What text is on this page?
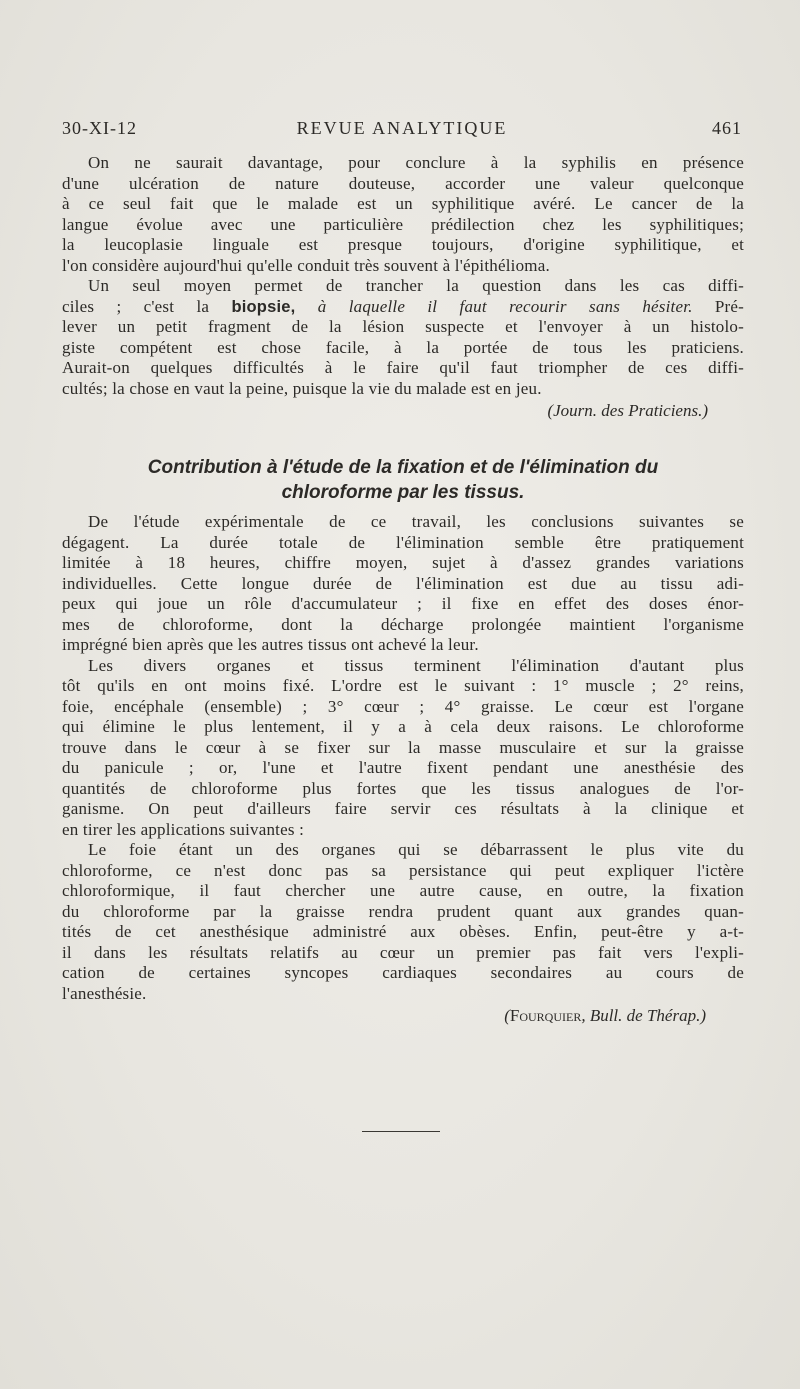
30-XI-12	REVUE ANALYTIQUE	461
On ne saurait davantage, pour conclure à la syphilis en présence
d'une ulcération de nature douteuse, accorder une valeur quelconque
à ce seul fait que le malade est un syphilitique avéré. Le cancer de la
langue évolue avec une particulière prédilection chez les syphilitiques;
la leucoplasie linguale est presque toujours, d'origine syphilitique, et
l'on considère aujourd'hui qu'elle conduit très souvent à l'épithélioma.
Un seul moyen permet de trancher la question dans les cas diffi-
ciles ; c'est la biopsie, à laquelle il faut recourir sans hésiter. Pré-
lever un petit fragment de la lésion suspecte et l'envoyer à un histolo-
giste compétent est chose facile, à la portée de tous les praticiens.
Aurait-on quelques difficultés à le faire qu'il faut triompher de ces diffi-
cultés; la chose en vaut la peine, puisque la vie du malade est en jeu.
(Journ. des Praticiens.)
Contribution à l'étude de la fixation et de l'élimination du
chloroforme par les tissus.
De l'étude expérimentale de ce travail, les conclusions suivantes se
dégagent. La durée totale de l'élimination semble être pratiquement
limitée à 18 heures, chiffre moyen, sujet à d'assez grandes variations
individuelles. Cette longue durée de l'élimination est due au tissu adi-
peux qui joue un rôle d'accumulateur ; il fixe en effet des doses énor-
mes de chloroforme, dont la décharge prolongée maintient l'organisme
imprégné bien après que les autres tissus ont achevé la leur.
Les divers organes et tissus terminent l'élimination d'autant plus
tôt qu'ils en ont moins fixé. L'ordre est le suivant : 1° muscle ; 2° reins,
foie, encéphale (ensemble) ; 3° cœur ; 4° graisse. Le cœur est l'organe
qui élimine le plus lentement, il y a à cela deux raisons. Le chloroforme
trouve dans le cœur à se fixer sur la masse musculaire et sur la graisse
du panicule ; or, l'une et l'autre fixent pendant une anesthésie des
quantités de chloroforme plus fortes que les tissus analogues de l'or-
ganisme. On peut d'ailleurs faire servir ces résultats à la clinique et
en tirer les applications suivantes :
Le foie étant un des organes qui se débarrassent le plus vite du
chloroforme, ce n'est donc pas sa persistance qui peut expliquer l'ictère
chloroformique, il faut chercher une autre cause, en outre, la fixation
du chloroforme par la graisse rendra prudent quant aux grandes quan-
tités de cet anesthésique administré aux obèses. Enfin, peut-être y a-t-
il dans les résultats relatifs au cœur un premier pas fait vers l'expli-
cation de certaines syncopes cardiaques secondaires au cours de
l'anesthésie.
(Fourquier, Bull. de Thérap.)
